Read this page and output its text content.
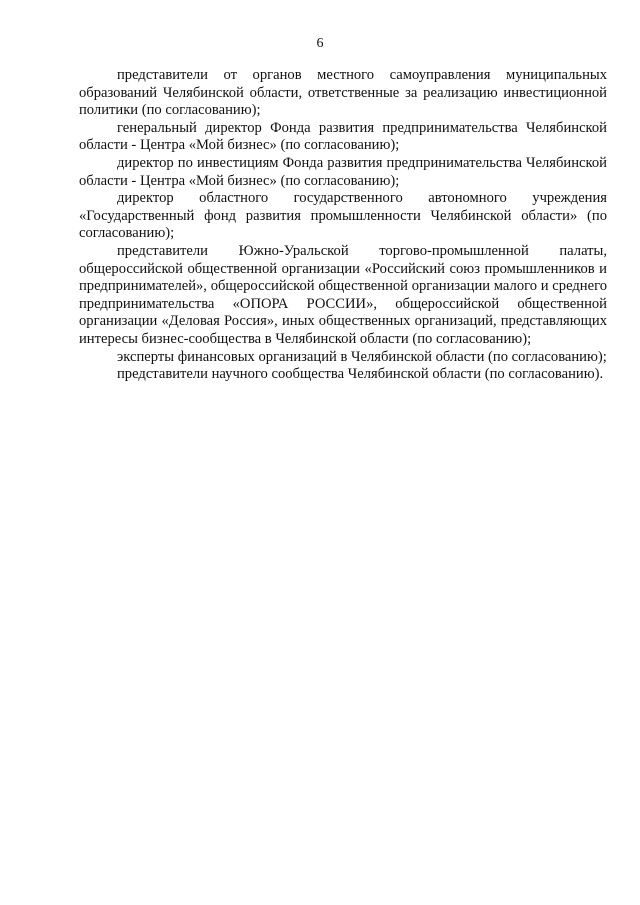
6

представители от органов местного самоуправления муниципальных образований Челябинской области, ответственные за реализацию инвестиционной политики (по согласованию);

генеральный директор Фонда развития предпринимательства Челябинской области - Центра «Мой бизнес» (по согласованию);

директор по инвестициям Фонда развития предпринимательства Челябинской области - Центра «Мой бизнес» (по согласованию);

директор областного государственного автономного учреждения «Государственный фонд развития промышленности Челябинской области» (по согласованию);

представители Южно-Уральской торгово-промышленной палаты, общероссийской общественной организации «Российский союз промышленников и предпринимателей», общероссийской общественной организации малого и среднего предпринимательства «ОПОРА РОССИИ», общероссийской общественной организации «Деловая Россия», иных общественных организаций, представляющих интересы бизнес-сообщества в Челябинской области (по согласованию);

эксперты финансовых организаций в Челябинской области (по согласованию);

представители научного сообщества Челябинской области (по согласованию).
